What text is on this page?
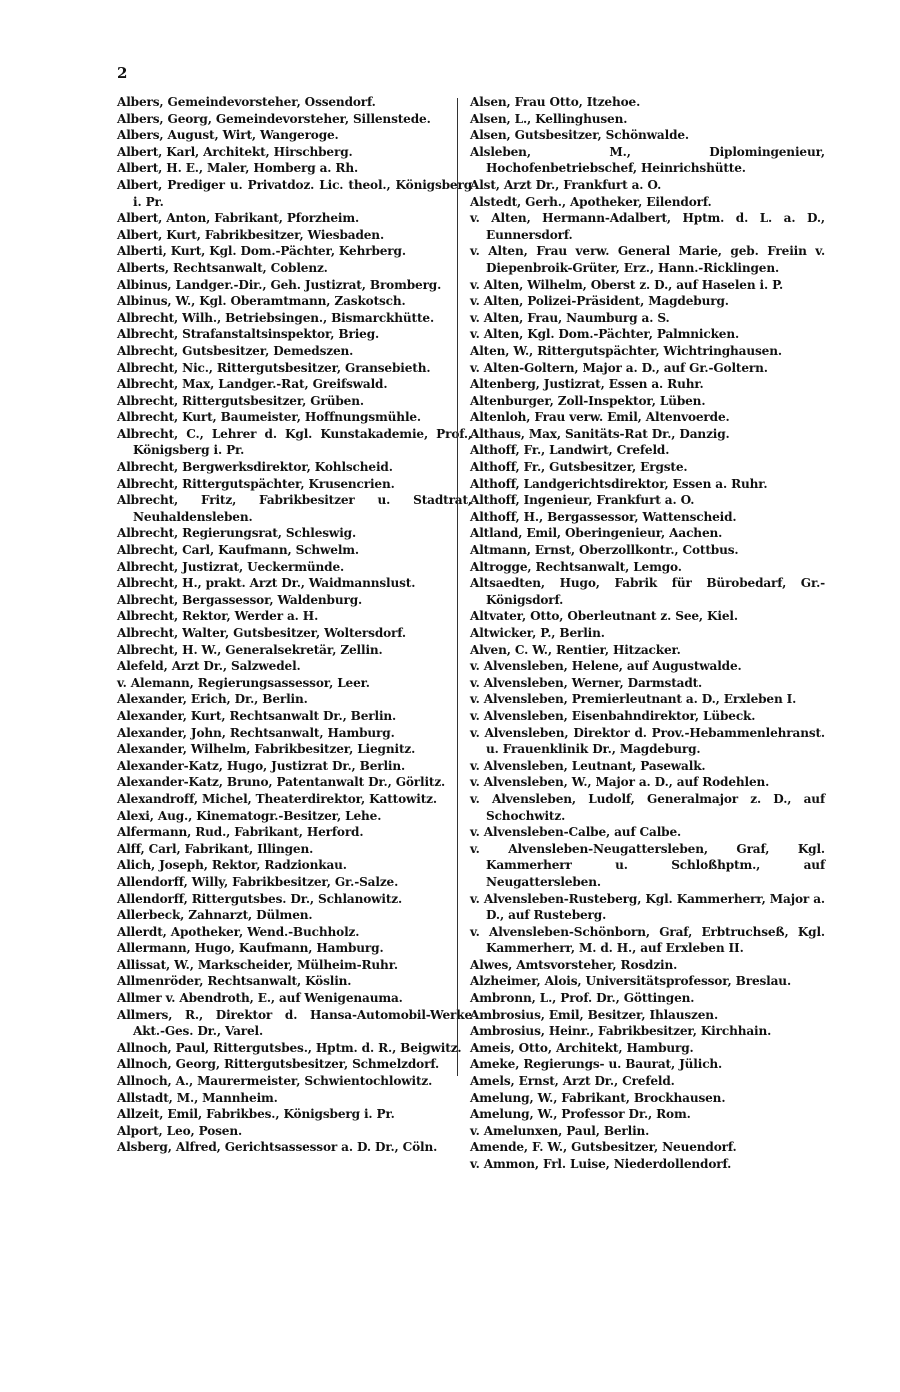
2
Albers, Gemeindevorsteher, Ossendorf.
Albers, Georg, Gemeindevorsteher, Sillenstede.
Albers, August, Wirt, Wangeroge.
Albert, Karl, Architekt, Hirschberg.
Albert, H. E., Maler, Homberg a. Rh.
Albert, Prediger u. Privatdoz. Lic. theol., Königsberg i. Pr.
Albert, Anton, Fabrikant, Pforzheim.
Albert, Kurt, Fabrikbesitzer, Wiesbaden.
Alberti, Kurt, Kgl. Dom.-Pächter, Kehrberg.
Alberts, Rechtsanwalt, Coblenz.
Albinus, Landger.-Dir., Geh. Justizrat, Bromberg.
Albinus, W., Kgl. Oberamtmann, Zaskotsch.
Albrecht, Wilh., Betriebsingen., Bismarckhütte.
Albrecht, Strafanstaltsinspektor, Brieg.
Albrecht, Gutsbesitzer, Demedszen.
Albrecht, Nic., Rittergutsbesitzer, Gransebieth.
Albrecht, Max, Landger.-Rat, Greifswald.
Albrecht, Rittergutsbesitzer, Grüben.
Albrecht, Kurt, Baumeister, Hoffnungsmühle.
Albrecht, C., Lehrer d. Kgl. Kunstakademie, Prof., Königsberg i. Pr.
Albrecht, Bergwerksdirektor, Kohlscheid.
Albrecht, Rittergutspächter, Krusencrien.
Albrecht, Fritz, Fabrikbesitzer u. Stadtrat, Neuhaldensleben.
Albrecht, Regierungsrat, Schleswig.
Albrecht, Carl, Kaufmann, Schwelm.
Albrecht, Justizrat, Ueckermünde.
Albrecht, H., prakt. Arzt Dr., Waidmannslust.
Albrecht, Bergassessor, Waldenburg.
Albrecht, Rektor, Werder a. H.
Albrecht, Walter, Gutsbesitzer, Woltersdorf.
Albrecht, H. W., Generalsekretär, Zellin.
Alefeld, Arzt Dr., Salzwedel.
v. Alemann, Regierungsassessor, Leer.
Alexander, Erich, Dr., Berlin.
Alexander, Kurt, Rechtsanwalt Dr., Berlin.
Alexander, John, Rechtsanwalt, Hamburg.
Alexander, Wilhelm, Fabrikbesitzer, Liegnitz.
Alexander-Katz, Hugo, Justizrat Dr., Berlin.
Alexander-Katz, Bruno, Patentanwalt Dr., Görlitz.
Alexandroff, Michel, Theaterdirektor, Kattowitz.
Alexi, Aug., Kinematogr.-Besitzer, Lehe.
Alfermann, Rud., Fabrikant, Herford.
Alff, Carl, Fabrikant, Illingen.
Alich, Joseph, Rektor, Radzionkau.
Allendorff, Willy, Fabrikbesitzer, Gr.-Salze.
Allendorff, Rittergutsbes. Dr., Schlanowitz.
Allerbeck, Zahnarzt, Dülmen.
Allerdt, Apotheker, Wend.-Buchholz.
Allermann, Hugo, Kaufmann, Hamburg.
Allissat, W., Markscheider, Mülheim-Ruhr.
Allmenröder, Rechtsanwalt, Köslin.
Allmer v. Abendroth, E., auf Wenigenauma.
Allmers, R., Direktor d. Hansa-Automobil-Werke Akt.-Ges. Dr., Varel.
Allnoch, Paul, Rittergutsbes., Hptm. d. R., Beigwitz.
Allnoch, Georg, Rittergutsbesitzer, Schmelzdorf.
Allnoch, A., Maurermeister, Schwientochlowitz.
Allstadt, M., Mannheim.
Allzeit, Emil, Fabrikbes., Königsberg i. Pr.
Alport, Leo, Posen.
Alsberg, Alfred, Gerichtsassessor a. D. Dr., Cöln.
Alsen, Frau Otto, Itzehoe.
Alsen, L., Kellinghusen.
Alsen, Gutsbesitzer, Schönwalde.
Alsleben, M., Diplomingenieur, Hochofenbetriebschef, Heinrichshütte.
Alst, Arzt Dr., Frankfurt a. O.
Alstedt, Gerh., Apotheker, Eilendorf.
v. Alten, Hermann-Adalbert, Hptm. d. L. a. D., Eunnersdorf.
v. Alten, Frau verw. General Marie, geb. Freiin v. Diepenbroik-Grüter, Erz., Hann.-Ricklingen.
v. Alten, Wilhelm, Oberst z. D., auf Haselen i. P.
v. Alten, Polizei-Präsident, Magdeburg.
v. Alten, Frau, Naumburg a. S.
v. Alten, Kgl. Dom.-Pächter, Palmnicken.
Alten, W., Rittergutspächter, Wichtringhausen.
v. Alten-Goltern, Major a. D., auf Gr.-Goltern.
Altenberg, Justizrat, Essen a. Ruhr.
Altenburger, Zoll-Inspektor, Lüben.
Altenloh, Frau verw. Emil, Altenvoerde.
Althaus, Max, Sanitäts-Rat Dr., Danzig.
Althoff, Fr., Landwirt, Crefeld.
Althoff, Fr., Gutsbesitzer, Ergste.
Althoff, Landgerichtsdirektor, Essen a. Ruhr.
Althoff, Ingenieur, Frankfurt a. O.
Althoff, H., Bergassessor, Wattenscheid.
Altland, Emil, Oberingenieur, Aachen.
Altmann, Ernst, Oberzollkontr., Cottbus.
Altrogge, Rechtsanwalt, Lemgo.
Altsaedten, Hugo, Fabrik für Bürobedarf, Gr.-Königsdorf.
Altvater, Otto, Oberleutnant z. See, Kiel.
Altwicker, P., Berlin.
Alven, C. W., Rentier, Hitzacker.
v. Alvensleben, Helene, auf Augustwalde.
v. Alvensleben, Werner, Darmstadt.
v. Alvensleben, Premierleutnant a. D., Erxleben I.
v. Alvensleben, Eisenbahndirektor, Lübeck.
v. Alvensleben, Direktor d. Prov.-Hebammenlehranst. u. Frauenklinik Dr., Magdeburg.
v. Alvensleben, Leutnant, Pasewalk.
v. Alvensleben, W., Major a. D., auf Rodehlen.
v. Alvensleben, Ludolf, Generalmajor z. D., auf Schochwitz.
v. Alvensleben-Calbe, auf Calbe.
v. Alvensleben-Neugattersleben, Graf, Kgl. Kammerherr u. Schloßhptm., auf Neugattersleben.
v. Alvensleben-Rusteberg, Kgl. Kammerherr, Major a. D., auf Rusteberg.
v. Alvensleben-Schönborn, Graf, Erbtruchseß, Kgl. Kammerherr, M. d. H., auf Erxleben II.
Alwes, Amtsvorsteher, Rosdzin.
Alzheimer, Alois, Universitätsprofessor, Breslau.
Ambronn, L., Prof. Dr., Göttingen.
Ambrosius, Emil, Besitzer, Ihlauszen.
Ambrosius, Heinr., Fabrikbesitzer, Kirchhain.
Ameis, Otto, Architekt, Hamburg.
Ameke, Regierungs- u. Baurat, Jülich.
Amels, Ernst, Arzt Dr., Crefeld.
Amelung, W., Fabrikant, Brockhausen.
Amelung, W., Professor Dr., Rom.
v. Amelunxen, Paul, Berlin.
Amende, F. W., Gutsbesitzer, Neuendorf.
v. Ammon, Frl. Luise, Niederdollendorf.
